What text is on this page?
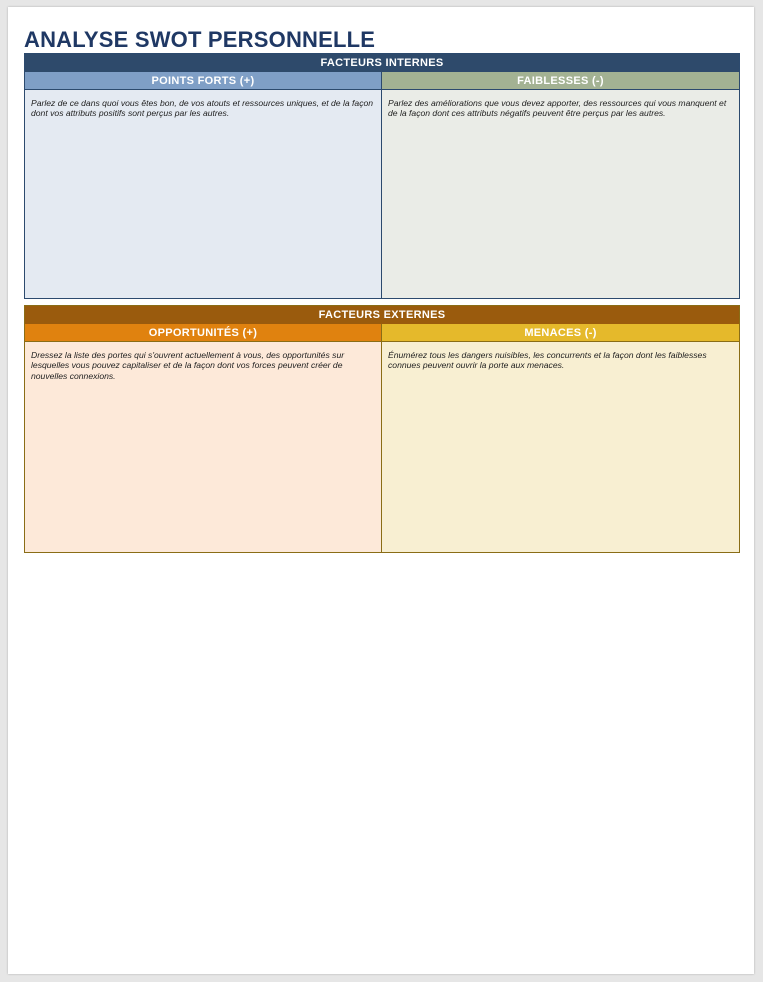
ANALYSE SWOT PERSONNELLE
FACTEURS INTERNES
POINTS FORTS (+)

Parlez de ce dans quoi vous êtes bon, de vos atouts et ressources uniques, et de la façon dont vos attributs positifs sont perçus par les autres.

FAIBLESSES (-)

Parlez des améliorations que vous devez apporter, des ressources qui vous manquent et de la façon dont ces attributs négatifs peuvent être perçus par les autres.

FACTEURS EXTERNES
OPPORTUNITÉS (+)

Dressez la liste des portes qui s'ouvrent actuellement à vous, des opportunités sur lesquelles vous pouvez capitaliser et de la façon dont vos forces peuvent créer de nouvelles connexions.

MENACES (-)

Énumérez tous les dangers nuisibles, les concurrents et la façon dont les faiblesses connues peuvent ouvrir la porte aux menaces.
